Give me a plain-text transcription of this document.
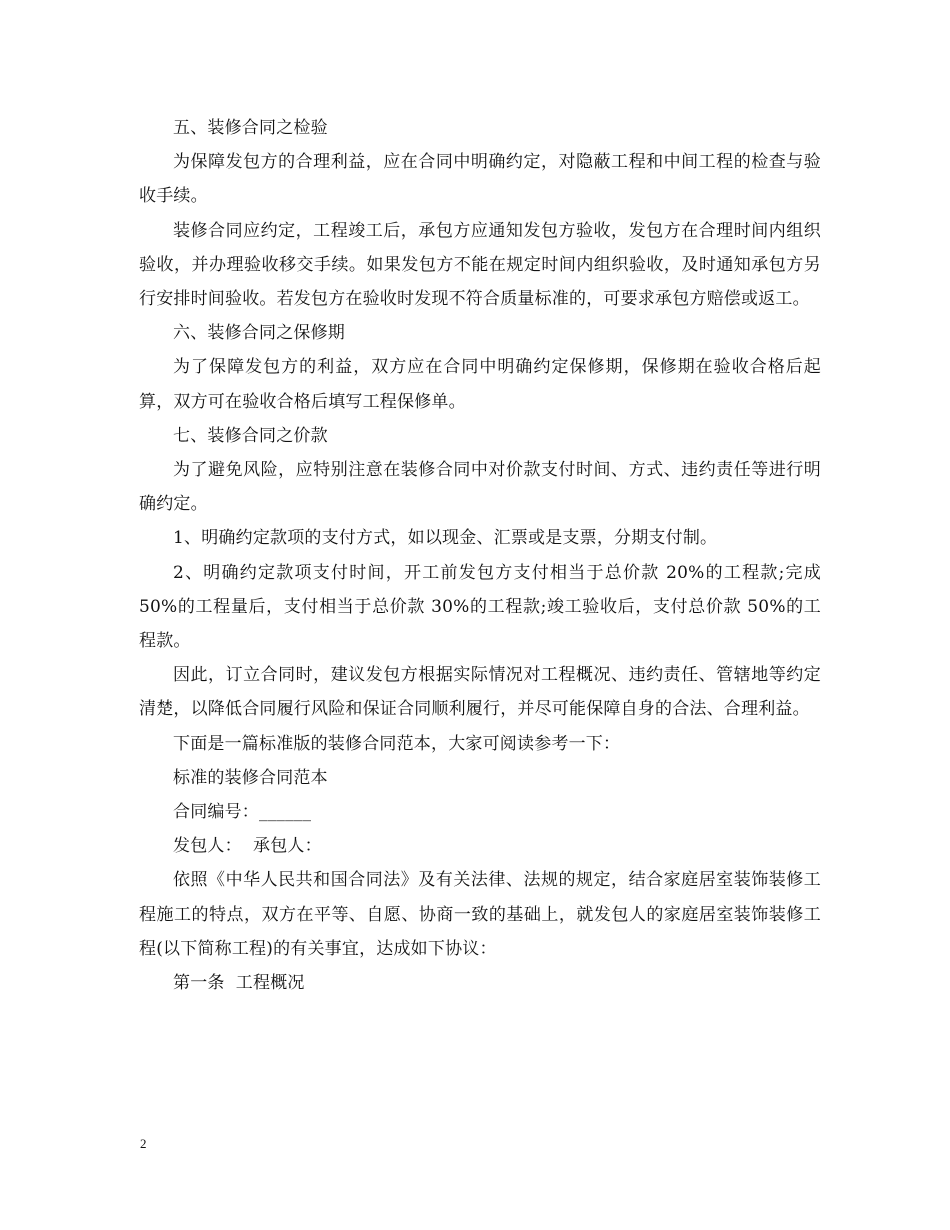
五、装修合同之检验

为保障发包方的合理利益，应在合同中明确约定，对隐蔽工程和中间工程的检查与验收手续。

装修合同应约定，工程竣工后，承包方应通知发包方验收，发包方在合理时间内组织验收，并办理验收移交手续。如果发包方不能在规定时间内组织验收，及时通知承包方另行安排时间验收。若发包方在验收时发现不符合质量标准的，可要求承包方赔偿或返工。

六、装修合同之保修期

为了保障发包方的利益，双方应在合同中明确约定保修期，保修期在验收合格后起算，双方可在验收合格后填写工程保修单。

七、装修合同之价款

为了避免风险，应特别注意在装修合同中对价款支付时间、方式、违约责任等进行明确约定。

1、明确约定款项的支付方式，如以现金、汇票或是支票，分期支付制。

2、明确约定款项支付时间，开工前发包方支付相当于总价款 20%的工程款;完成 50%的工程量后，支付相当于总价款 30%的工程款;竣工验收后，支付总价款 50%的工程款。

因此，订立合同时，建议发包方根据实际情况对工程概况、违约责任、管辖地等约定清楚，以降低合同履行风险和保证合同顺利履行，并尽可能保障自身的合法、合理利益。

下面是一篇标准版的装修合同范本，大家可阅读参考一下：

标准的装修合同范本

合同编号：______

发包人：  承包人：

依照《中华人民共和国合同法》及有关法律、法规的规定，结合家庭居室装饰装修工程施工的特点，双方在平等、自愿、协商一致的基础上，就发包人的家庭居室装饰装修工程(以下简称工程)的有关事宜，达成如下协议：

第一条  工程概况

2
